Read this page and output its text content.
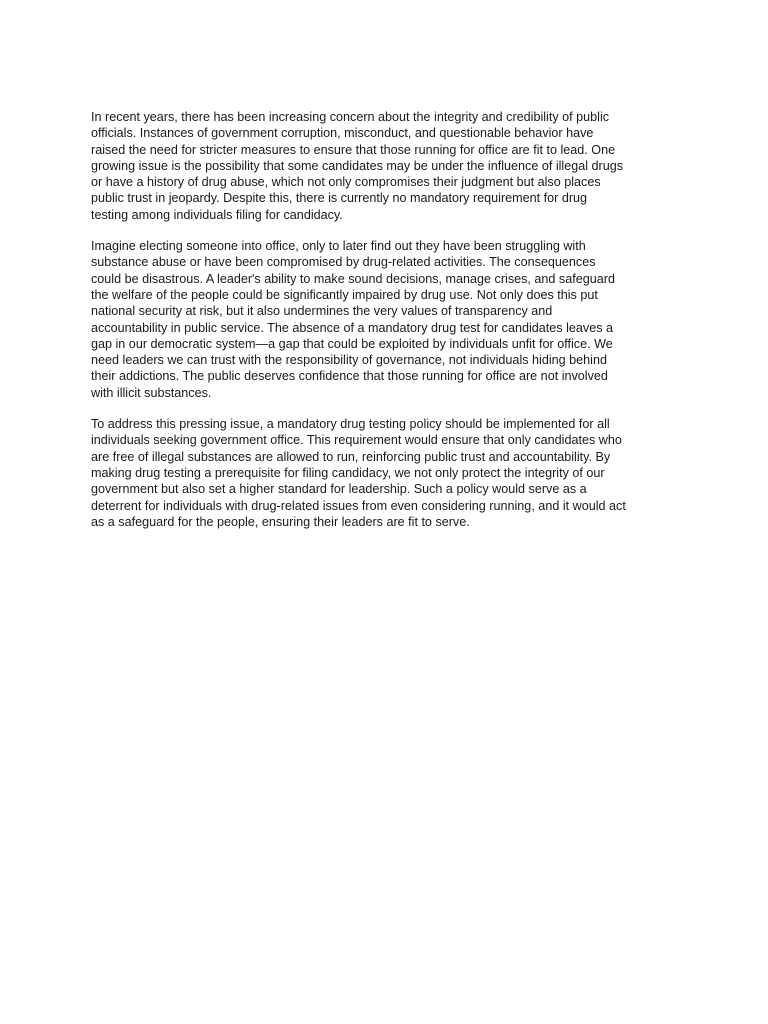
In recent years, there has been increasing concern about the integrity and credibility of public
officials. Instances of government corruption, misconduct, and questionable behavior have
raised the need for stricter measures to ensure that those running for office are fit to lead. One
growing issue is the possibility that some candidates may be under the influence of illegal drugs
or have a history of drug abuse, which not only compromises their judgment but also places
public trust in jeopardy. Despite this, there is currently no mandatory requirement for drug
testing among individuals filing for candidacy.

Imagine electing someone into office, only to later find out they have been struggling with
substance abuse or have been compromised by drug-related activities. The consequences
could be disastrous. A leader's ability to make sound decisions, manage crises, and safeguard
the welfare of the people could be significantly impaired by drug use. Not only does this put
national security at risk, but it also undermines the very values of transparency and
accountability in public service. The absence of a mandatory drug test for candidates leaves a
gap in our democratic system—a gap that could be exploited by individuals unfit for office. We
need leaders we can trust with the responsibility of governance, not individuals hiding behind
their addictions. The public deserves confidence that those running for office are not involved
with illicit substances.

To address this pressing issue, a mandatory drug testing policy should be implemented for all
individuals seeking government office. This requirement would ensure that only candidates who
are free of illegal substances are allowed to run, reinforcing public trust and accountability. By
making drug testing a prerequisite for filing candidacy, we not only protect the integrity of our
government but also set a higher standard for leadership. Such a policy would serve as a
deterrent for individuals with drug-related issues from even considering running, and it would act
as a safeguard for the people, ensuring their leaders are fit to serve.
